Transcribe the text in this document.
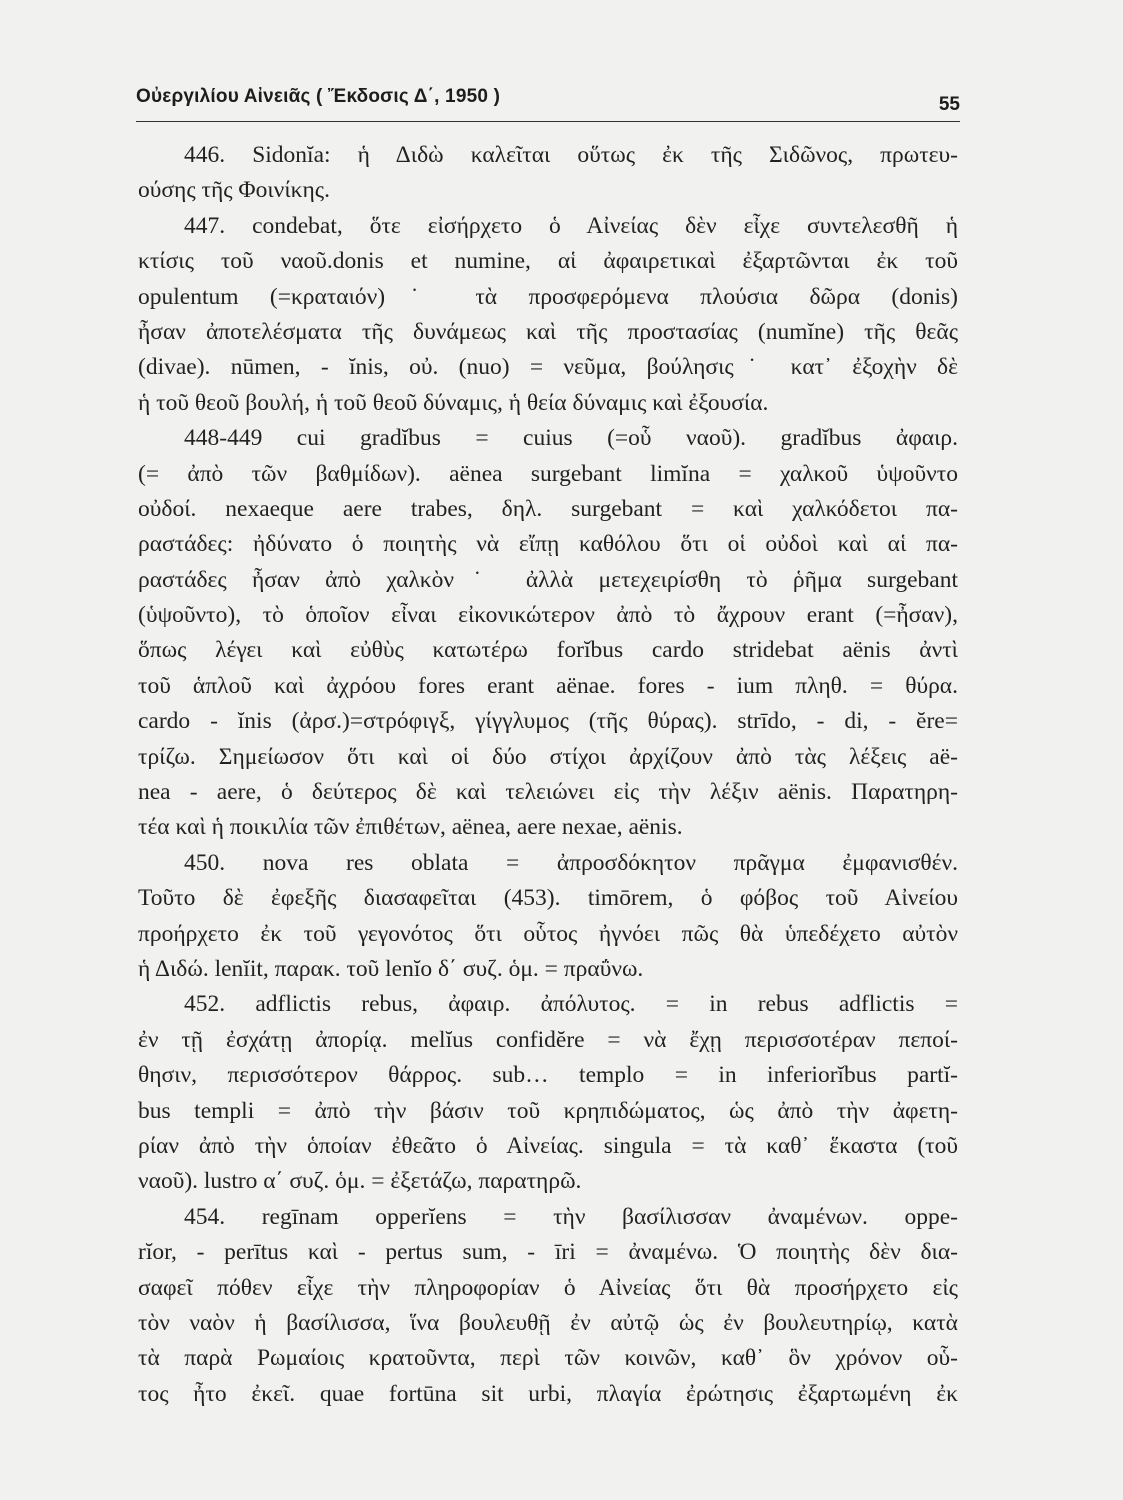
Οὐεργιλίου Αἰνειᾶς ( Ἔκδοσις Δ΄, 1950 )	55
446. Sidonĭa: ἡ Διδὼ καλεῖται οὕτως ἐκ τῆς Σιδῶνος, πρωτευ-
ούσης τῆς Φοινίκης.
447. condebat, ὅτε εἰσήρχετο ὁ Αἰνείας δὲν εἶχε συντελεσθῆ ἡ
κτίσις τοῦ ναοῦ.donis et numine, αἱ ἀφαιρετικαὶ ἐξαρτῶνται ἐκ τοῦ
opulentum (=κραταιόν)˙ τὰ προσφερόμενα πλούσια δῶρα (donis)
ἦσαν ἀποτελέσματα τῆς δυνάμεως καὶ τῆς προστασίας (numĭne) τῆς θεᾶς
(divae). nūmen, - ĭnis, οὐ. (nuo) = νεῦμα, βούλησις˙ κατ᾽ ἐξοχὴν δὲ
ἡ τοῦ θεοῦ βουλή, ἡ τοῦ θεοῦ δύναμις, ἡ θεία δύναμις καὶ ἐξουσία.
448-449 cui gradĭbus = cuius (=οὗ ναοῦ). gradĭbus ἀφαιρ.
(= ἀπὸ τῶν βαθμίδων). aënea surgebant limĭna = χαλκοῦ ὑψοῦντο
οὐδοί. nexaeque aere trabes, δηλ. surgebant = καὶ χαλκόδετοι πα-
ραστάδες: ἠδύνατο ὁ ποιητὴς νὰ εἴπῃ καθόλου ὅτι οἱ οὐδοὶ καὶ αἱ πα-
ραστάδες ἦσαν ἀπὸ χαλκὸν˙ ἀλλὰ μετεχειρίσθη τὸ ῥῆμα surgebant
(ὑψοῦντο), τὸ ὁποῖον εἶναι εἰκονικώτερον ἀπὸ τὸ ἄχρουν erant (=ἦσαν),
ὅπως λέγει καὶ εὐθὺς κατωτέρω forĭbus cardo stridebat aënis ἀντὶ
τοῦ ἁπλοῦ καὶ ἀχρόου fores erant aënae. fores - ium πληθ. = θύρα.
cardo - ĭnis (ἀρσ.)=στρόφιγξ, γίγγλυμος (τῆς θύρας). strīdo, - di, - ĕre=
τρίζω. Σημείωσον ὅτι καὶ οἱ δύο στίχοι ἀρχίζουν ἀπὸ τὰς λέξεις aë-
nea - aere, ὁ δεύτερος δὲ καὶ τελειώνει εἰς τὴν λέξιν aënis. Παρατηρη-
τέα καὶ ἡ ποικιλία τῶν ἐπιθέτων, aënea, aere nexae, aënis.
450. nova res oblata = ἀπροσδόκητον πρᾶγμα ἐμφανισθέν.
Τοῦτο δὲ ἐφεξῆς διασαφεῖται (453). timōrem, ὁ φόβος τοῦ Αἰνείου
προήρχετο ἐκ τοῦ γεγονότος ὅτι οὗτος ἠγνόει πῶς θὰ ὑπεδέχετο αὐτὸν
ἡ Διδώ. lenĭit, παρακ. τοῦ lenĭo δ΄ συζ. ὁμ. = πραΰνω.
452. adflictis rebus, ἀφαιρ. ἀπόλυτος. = in rebus adflictis =
ἐν τῇ ἐσχάτῃ ἀπορίᾳ. melĭus confidĕre = νὰ ἔχῃ περισσοτέραν πεποί-
θησιν, περισσότερον θάρρος. sub… templo = in inferiorĭbus partĭ-
bus templi = ἀπὸ τὴν βάσιν τοῦ κρηπιδώματος, ὡς ἀπὸ τὴν ἀφετη-
ρίαν ἀπὸ τὴν ὁποίαν ἐθεᾶτο ὁ Αἰνείας. singula = τὰ καθ᾽ ἕκαστα (τοῦ
ναοῦ). lustro α΄ συζ. ὁμ. = ἐξετάζω, παρατηρῶ.
454. regīnam opperĭens = τὴν βασίλισσαν ἀναμένων. oppe-
rĭor, - perītus καὶ - pertus sum, - īri = ἀναμένω. Ὁ ποιητὴς δὲν δια-
σαφεῖ πόθεν εἶχε τὴν πληροφορίαν ὁ Αἰνείας ὅτι θὰ προσήρχετο εἰς
τὸν ναὸν ἡ βασίλισσα, ἵνα βουλευθῇ ἐν αὐτῷ ὡς ἐν βουλευτηρίῳ, κατὰ
τὰ παρὰ Ρωμαίοις κρατοῦντα, περὶ τῶν κοινῶν, καθ᾽ ὃν χρόνον οὗ-
τος ἦτο ἐκεῖ. quae fortūna sit urbi, πλαγία ἐρώτησις ἐξαρτωμένη ἐκ
